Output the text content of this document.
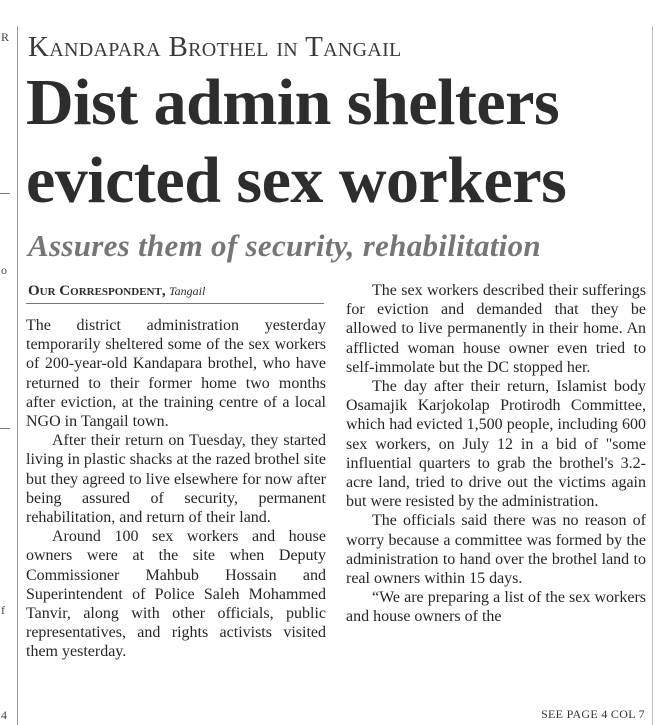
R
o
f
4
Kandapara Brothel in Tangail
Dist admin shelters evicted sex workers
Assures them of security, rehabilitation
Our Correspondent, Tangail

The district administration yesterday temporarily sheltered some of the sex workers of 200-year-old Kandapara brothel, who have returned to their former home two months after eviction, at the training centre of a local NGO in Tangail town.

After their return on Tuesday, they started living in plastic shacks at the razed brothel site but they agreed to live elsewhere for now after being assured of security, permanent rehabilitation, and return of their land.

Around 100 sex workers and house owners were at the site when Deputy Commissioner Mahbub Hossain and Superintendent of Police Saleh Mohammed Tanvir, along with other officials, public representatives, and rights activists visited them yesterday.

The sex workers described their sufferings for eviction and demanded that they be allowed to live permanently in their home. An afflicted woman house owner even tried to self-immolate but the DC stopped her.

The day after their return, Islamist body Osamajik Karjokolap Protirodh Committee, which had evicted 1,500 people, including 600 sex workers, on July 12 in a bid of "some influential quarters to grab the brothel's 3.2-acre land, tried to drive out the victims again but were resisted by the administration.

The officials said there was no reason of worry because a committee was formed by the administration to hand over the brothel land to real owners within 15 days.

“We are preparing a list of the sex workers and house owners of the

SEE PAGE 4 COL 7
